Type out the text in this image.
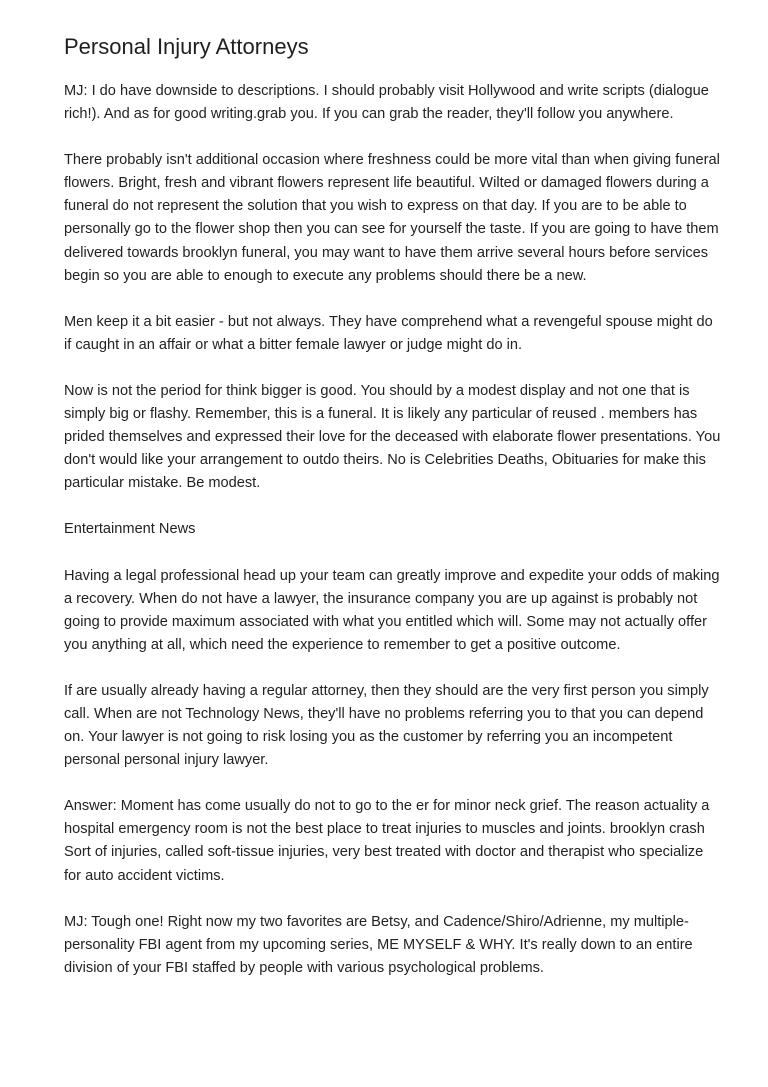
Personal Injury Attorneys

MJ: I do have downside to descriptions. I should probably visit Hollywood and write scripts (dialogue rich!). And as for good writing.grab you. If you can grab the reader, they'll follow you anywhere.

There probably isn't additional occasion where freshness could be more vital than when giving funeral flowers. Bright, fresh and vibrant flowers represent life beautiful. Wilted or damaged flowers during a funeral do not represent the solution that you wish to express on that day. If you are to be able to personally go to the flower shop then you can see for yourself the taste. If you are going to have them delivered towards brooklyn funeral, you may want to have them arrive several hours before services begin so you are able to enough to execute any problems should there be a new.

Men keep it a bit easier - but not always. They have comprehend what a revengeful spouse might do if caught in an affair or what a bitter female lawyer or judge might do in.

Now is not the period for think bigger is good. You should by a modest display and not one that is simply big or flashy. Remember, this is a funeral. It is likely any particular of reused . members has prided themselves and expressed their love for the deceased with elaborate flower presentations. You don't would like your arrangement to outdo theirs. No is Celebrities Deaths, Obituaries for make this particular mistake. Be modest.

Entertainment News

Having a legal professional head up your team can greatly improve and expedite your odds of making a recovery. When do not have a lawyer, the insurance company you are up against is probably not going to provide maximum associated with what you entitled which will. Some may not actually offer you anything at all, which need the experience to remember to get a positive outcome.

If are usually already having a regular attorney, then they should are the very first person you simply call. When are not Technology News, they'll have no problems referring you to that you can depend on. Your lawyer is not going to risk losing you as the customer by referring you an incompetent personal personal injury lawyer.

Answer: Moment has come usually do not to go to the er for minor neck grief. The reason actuality a hospital emergency room is not the best place to treat injuries to muscles and joints. brooklyn crash Sort of injuries, called soft-tissue injuries, very best treated with doctor and therapist who specialize for auto accident victims.

MJ: Tough one! Right now my two favorites are Betsy, and Cadence/Shiro/Adrienne, my multiple-personality FBI agent from my upcoming series, ME MYSELF & WHY. It's really down to an entire division of your FBI staffed by people with various psychological problems.
